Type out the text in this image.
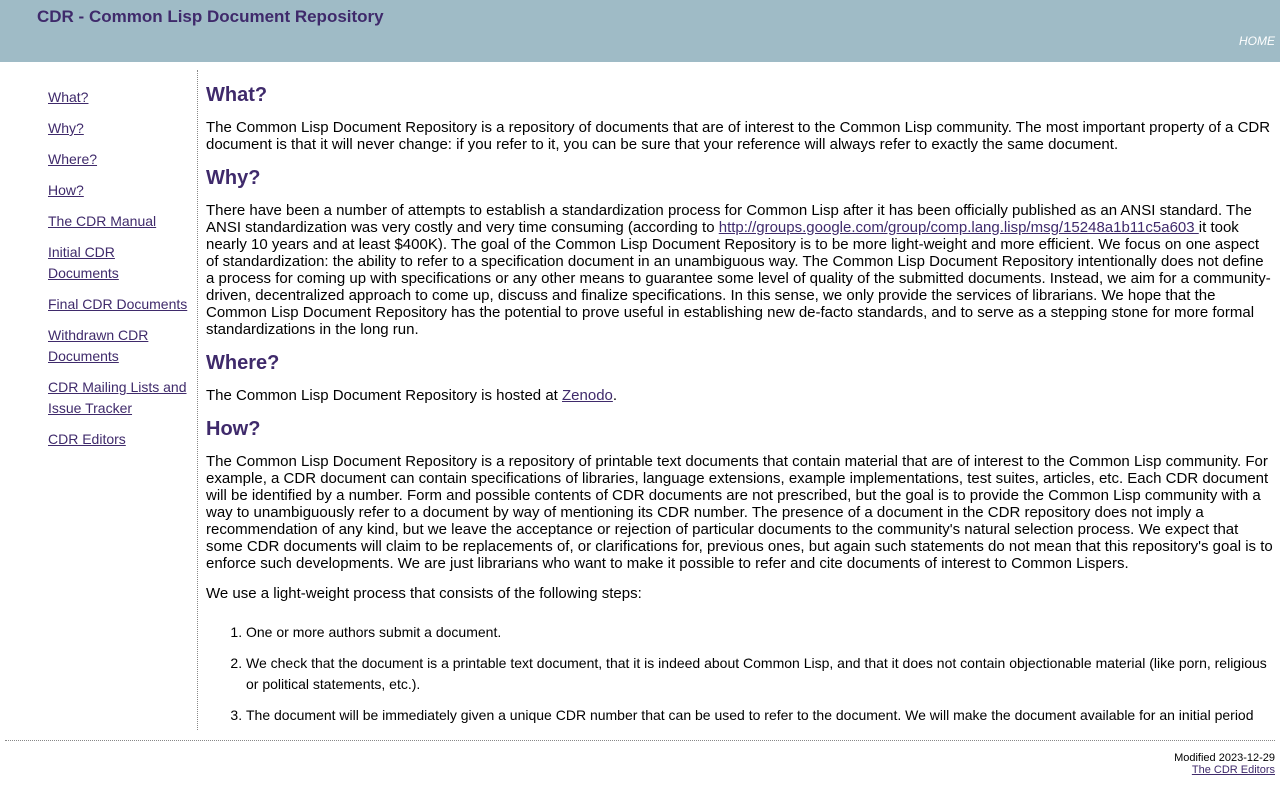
CDR - Common Lisp Document Repository
HOME
What?
Why?
Where?
How?
The CDR Manual
Initial CDR Documents
Final CDR Documents
Withdrawn CDR Documents
CDR Mailing Lists and Issue Tracker
CDR Editors
What?

The Common Lisp Document Repository is a repository of documents that are of interest to the Common Lisp community. The most important property of a CDR document is that it will never change: if you refer to it, you can be sure that your reference will always refer to exactly the same document.

Why?

There have been a number of attempts to establish a standardization process for Common Lisp after it has been officially published as an ANSI standard. The ANSI standardization was very costly and very time consuming (according to http://groups.google.com/group/comp.lang.lisp/msg/15248a1b11c5a603 it took nearly 10 years and at least $400K). The goal of the Common Lisp Document Repository is to be more light-weight and more efficient. We focus on one aspect of standardization: the ability to refer to a specification document in an unambiguous way. The Common Lisp Document Repository intentionally does not define a process for coming up with specifications or any other means to guarantee some level of quality of the submitted documents. Instead, we aim for a community-driven, decentralized approach to come up, discuss and finalize specifications. In this sense, we only provide the services of librarians. We hope that the Common Lisp Document Repository has the potential to prove useful in establishing new de-facto standards, and to serve as a stepping stone for more formal standardizations in the long run.

Where?

The Common Lisp Document Repository is hosted at Zenodo.

How?

The Common Lisp Document Repository is a repository of printable text documents that contain material that are of interest to the Common Lisp community. For example, a CDR document can contain specifications of libraries, language extensions, example implementations, test suites, articles, etc. Each CDR document will be identified by a number. Form and possible contents of CDR documents are not prescribed, but the goal is to provide the Common Lisp community with a way to unambiguously refer to a document by way of mentioning its CDR number. The presence of a document in the CDR repository does not imply a recommendation of any kind, but we leave the acceptance or rejection of particular documents to the community's natural selection process. We expect that some CDR documents will claim to be replacements of, or clarifications for, previous ones, but again such statements do not mean that this repository's goal is to enforce such developments. We are just librarians who want to make it possible to refer and cite documents of interest to Common Lispers.

We use a light-weight process that consists of the following steps:

1. One or more authors submit a document.
2. We check that the document is a printable text document, that it is indeed about Common Lisp, and that it does not contain objectionable material (like porn, religious or political statements, etc.).
3. The document will be immediately given a unique CDR number that can be used to refer to the document. We will make the document available for an initial period
Modified 2023-12-29
The CDR Editors
